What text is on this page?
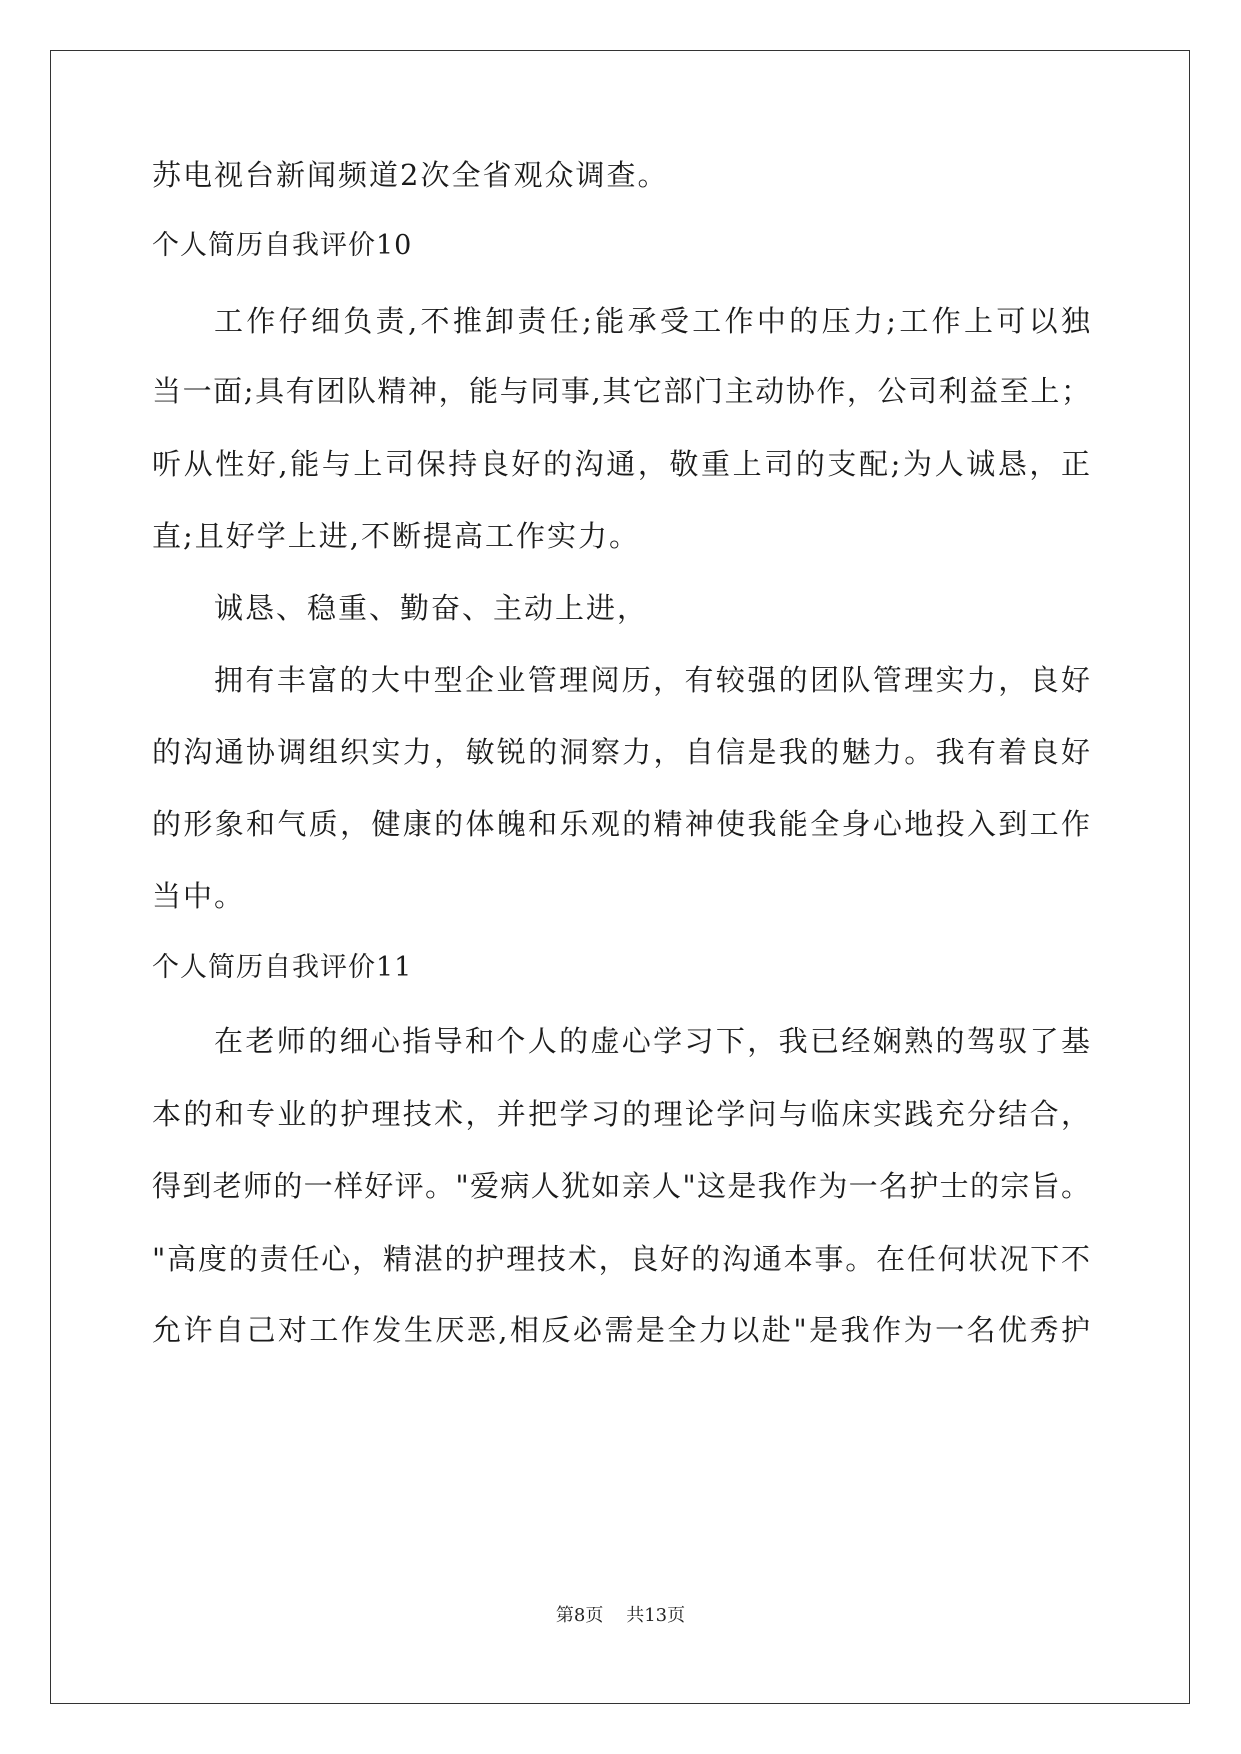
苏电视台新闻频道2次全省观众调查。
个人简历自我评价10
工作仔细负责,不推卸责任;能承受工作中的压力;工作上可以独
当一面;具有团队精神，能与同事,其它部门主动协作，公司利益至上；
听从性好,能与上司保持良好的沟通，敬重上司的支配;为人诚恳，正
直;且好学上进,不断提高工作实力。
诚恳、稳重、勤奋、主动上进，
拥有丰富的大中型企业管理阅历，有较强的团队管理实力，良好
的沟通协调组织实力，敏锐的洞察力，自信是我的魅力。我有着良好
的形象和气质，健康的体魄和乐观的精神使我能全身心地投入到工作
当中。
个人简历自我评价11
在老师的细心指导和个人的虚心学习下，我已经娴熟的驾驭了基
本的和专业的护理技术，并把学习的理论学问与临床实践充分结合，
得到老师的一样好评。"爱病人犹如亲人"这是我作为一名护士的宗旨。
"高度的责任心，精湛的护理技术，良好的沟通本事。在任何状况下不
允许自己对工作发生厌恶,相反必需是全力以赴"是我作为一名优秀护
第8页 共13页
